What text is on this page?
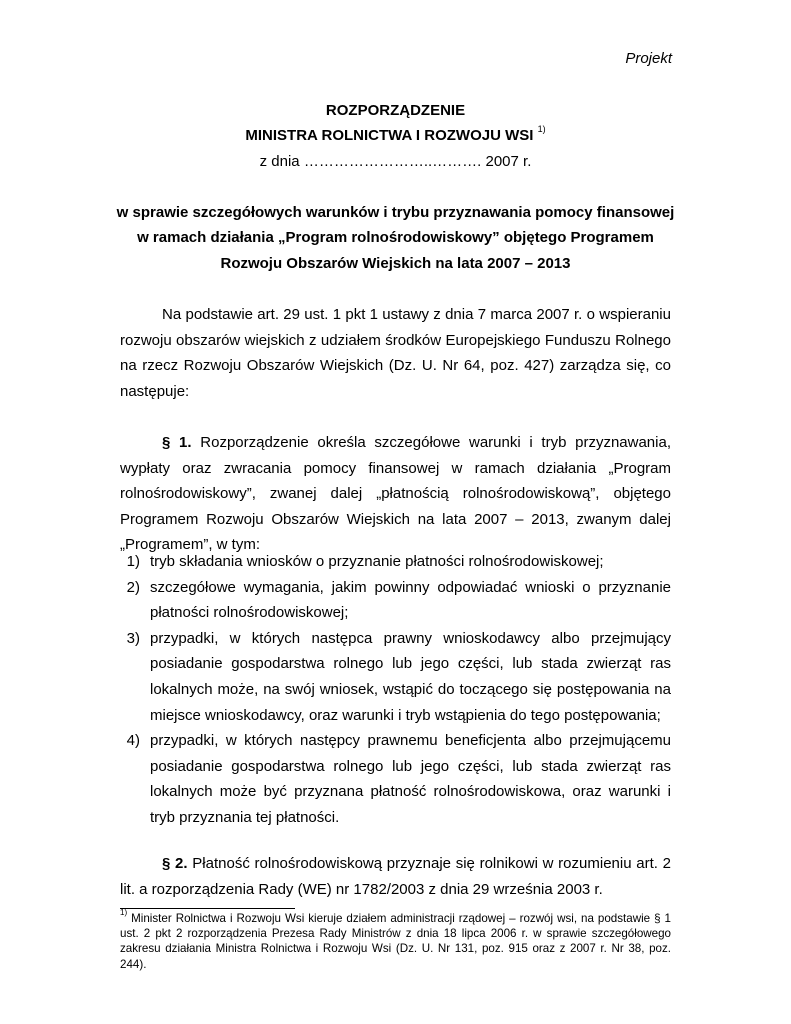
Projekt
ROZPORZĄDZENIE
MINISTRA ROLNICTWA I ROZWOJU WSI $^{1)}$
z dnia ……………………..………. 2007 r.
w sprawie szczegółowych warunków i trybu przyznawania pomocy finansowej
w ramach działania „Program rolnośrodowiskowy” objętego Programem
Rozwoju Obszarów Wiejskich na lata 2007 – 2013
Na podstawie art. 29 ust. 1 pkt 1 ustawy z dnia 7 marca 2007 r. o wspieraniu rozwoju obszarów wiejskich z udziałem środków Europejskiego Funduszu Rolnego na rzecz Rozwoju Obszarów Wiejskich (Dz. U. Nr 64, poz. 427) zarządza się, co następuje:
§ 1. Rozporządzenie określa szczegółowe warunki i tryb przyznawania, wypłaty oraz zwracania pomocy finansowej w ramach działania „Program rolnośrodowiskowy”, zwanej dalej „płatnością rolnośrodowiskową”, objętego Programem Rozwoju Obszarów Wiejskich na lata 2007 – 2013, zwanym dalej „Programem”, w tym:
1) tryb składania wniosków o przyznanie płatności rolnośrodowiskowej;
2) szczegółowe wymagania, jakim powinny odpowiadać wnioski o przyznanie płatności rolnośrodowiskowej;
3) przypadki, w których następca prawny wnioskodawcy albo przejmujący posiadanie gospodarstwa rolnego lub jego części, lub stada zwierząt ras lokalnych może, na swój wniosek, wstąpić do toczącego się postępowania na miejsce wnioskodawcy, oraz warunki i tryb wstąpienia do tego postępowania;
4) przypadki, w których następcy prawnemu beneficjenta albo przejmującemu posiadanie gospodarstwa rolnego lub jego części, lub stada zwierząt ras lokalnych może być przyznana płatność rolnośrodowiskowa, oraz warunki i tryb przyznania tej płatności.
§ 2. Płatność rolnośrodowiskową przyznaje się rolnikowi w rozumieniu art. 2 lit. a rozporządzenia Rady (WE) nr 1782/2003 z dnia 29 września 2003 r.
$^{1)}$ Minister Rolnictwa i Rozwoju Wsi kieruje działem administracji rządowej – rozwój wsi, na podstawie § 1 ust. 2 pkt 2 rozporządzenia Prezesa Rady Ministrów z dnia 18 lipca 2006 r. w sprawie szczegółowego zakresu działania Ministra Rolnictwa i Rozwoju Wsi (Dz. U. Nr 131, poz. 915 oraz z 2007 r. Nr 38, poz. 244).
